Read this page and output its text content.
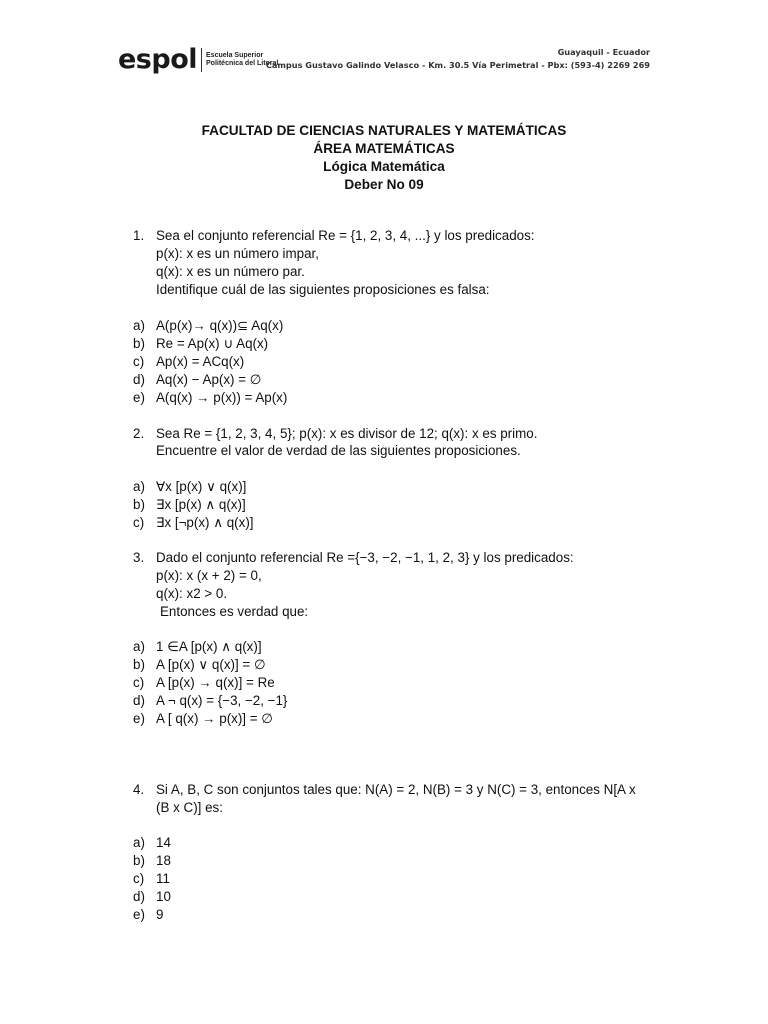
espol Escuela Superior
Politécnica del Litoral
Guayaquil - Ecuador
Campus Gustavo Galindo Velasco - Km. 30.5 Vía Perimetral - Pbx: (593-4) 2269 269
FACULTAD DE CIENCIAS NATURALES Y MATEMÁTICAS
ÁREA MATEMÁTICAS
Lógica Matemática
Deber No 09
1. Sea el conjunto referencial Re = {1, 2, 3, 4, ...} y los predicados:
p(x): x es un número impar,
q(x): x es un número par.
Identifique cuál de las siguientes proposiciones es falsa:
a) A(p(x)→ q(x))⊆ Aq(x)
b) Re = Ap(x) ∪ Aq(x)
c) Ap(x) = ACq(x)
d) Aq(x) − Ap(x) = ∅
e) A(q(x) → p(x)) = Ap(x)
2. Sea Re = {1, 2, 3, 4, 5}; p(x): x es divisor de 12; q(x): x es primo.
Encuentre el valor de verdad de las siguientes proposiciones.
a) ∀x [p(x) ∨ q(x)]
b) ∃x [p(x) ∧ q(x)]
c) ∃x [¬p(x) ∧ q(x)]
3. Dado el conjunto referencial Re ={−3, −2, −1, 1, 2, 3} y los predicados:
p(x): x (x + 2) = 0,
q(x): x2 > 0.
Entonces es verdad que:
a) 1 ∈A [p(x) ∧ q(x)]
b) A [p(x) ∨ q(x)] = ∅
c) A [p(x) → q(x)] = Re
d) A ¬ q(x) = {−3, −2, −1}
e) A [ q(x) → p(x)] = ∅
4. Si A, B, C son conjuntos tales que: N(A) = 2, N(B) = 3 y N(C) = 3, entonces N[A x
(B x C)] es:
a) 14
b) 18
c) 11
d) 10
e) 9
